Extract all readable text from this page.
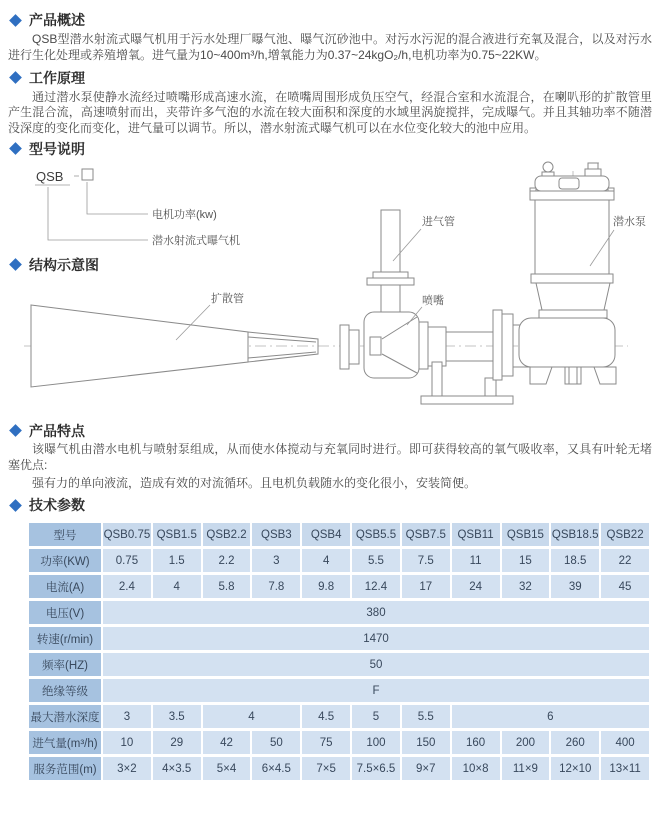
产品概述

QSB型潜水射流式曝气机用于污水处理厂曝气池、曝气沉砂池中。对污水污泥的混合液进行充氧及混合，以及对污水进行生化处理或养殖增氧。进气量为10~400m³/h,增氧能力为0.37~24kgO₂/h,电机功率为0.75~22KW。

工作原理

通过潜水泵使静水流经过喷嘴形成高速水流，在喷嘴周围形成负压空气，经混合室和水流混合，在喇叭形的扩散管里产生混合流，高速喷射而出，夹带许多气泡的水流在较大面积和深度的水域里涡旋搅拌，完成曝气。并且其轴功率不随潜没深度的变化而变化，进气量可以调节。所以，潜水射流式曝气机可以在水位变化较大的池中应用。

型号说明
结构示意图
QSB
电机功率(kw)
潜水射流式曝气机
进气管	潜水泵
喷嘴
扩散管
产品特点

该曝气机由潜水电机与喷射泵组成，从而使水体搅动与充氧同时进行。即可获得较高的氧气吸收率，又具有叶轮无堵塞优点:

强有力的单向液流，造成有效的对流循环。且电机负载随水的变化很小，安装简便。

技术参数
型号	QSB0.75	QSB1.5	QSB2.2	QSB3	QSB4	QSB5.5	QSB7.5	QSB11	QSB15	QSB18.5	QSB22
功率(KW)	0.75	1.5	2.2	3	4	5.5	7.5	11	15	18.5	22
电流(A)	2.4	4	5.8	7.8	9.8	12.4	17	24	32	39	45
电压(V)	380										
转速(r/min)	1470										
频率(HZ)	50										
绝缘等级	F										
最大潜水深度	3	3.5	4		4.5	5	5.5	6			
进气量(m³/h)	10	29	42	50	75	100	150	160	200	260	400
服务范围(m)	3×2	4×3.5	5×4	6×4.5	7×5	7.5×6.5	9×7	10×8	11×9	12×10	13×11
